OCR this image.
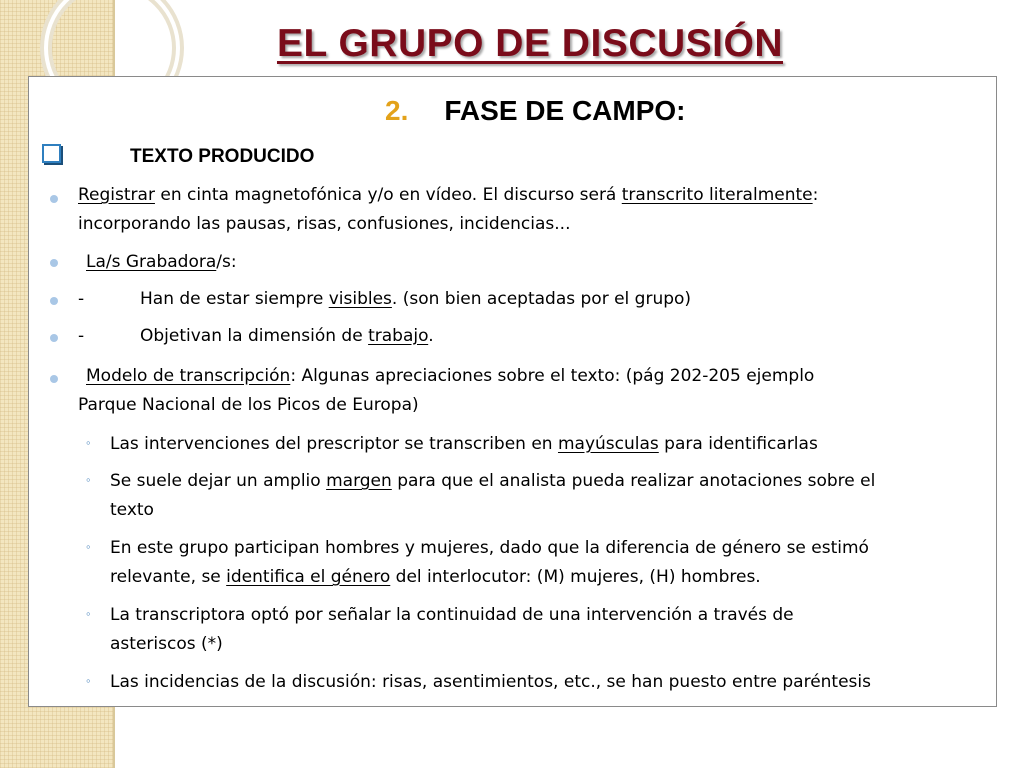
EL GRUPO DE DISCUSIÓN
2. FASE DE CAMPO:
TEXTO PRODUCIDO
Registrar en cinta magnetofónica y/o en vídeo. El discurso será transcrito literalmente:
incorporando las pausas, risas, confusiones, incidencias...
La/s Grabadora/s:
-	Han de estar siempre visibles. (son bien aceptadas por el grupo)
-	Objetivan la dimensión de trabajo.
Modelo de transcripción: Algunas apreciaciones sobre el texto: (pág 202-205 ejemplo
Parque Nacional de los Picos de Europa)
◦ Las intervenciones del prescriptor se transcriben en mayúsculas para identificarlas
◦ Se suele dejar un amplio margen para que el analista pueda realizar anotaciones sobre el
texto
◦ En este grupo participan hombres y mujeres, dado que la diferencia de género se estimó
relevante, se identifica el género del interlocutor: (M) mujeres, (H) hombres.
◦ La transcriptora optó por señalar la continuidad de una intervención a través de
asteriscos (*)
◦ Las incidencias de la discusión: risas, asentimientos, etc., se han puesto entre paréntesis
